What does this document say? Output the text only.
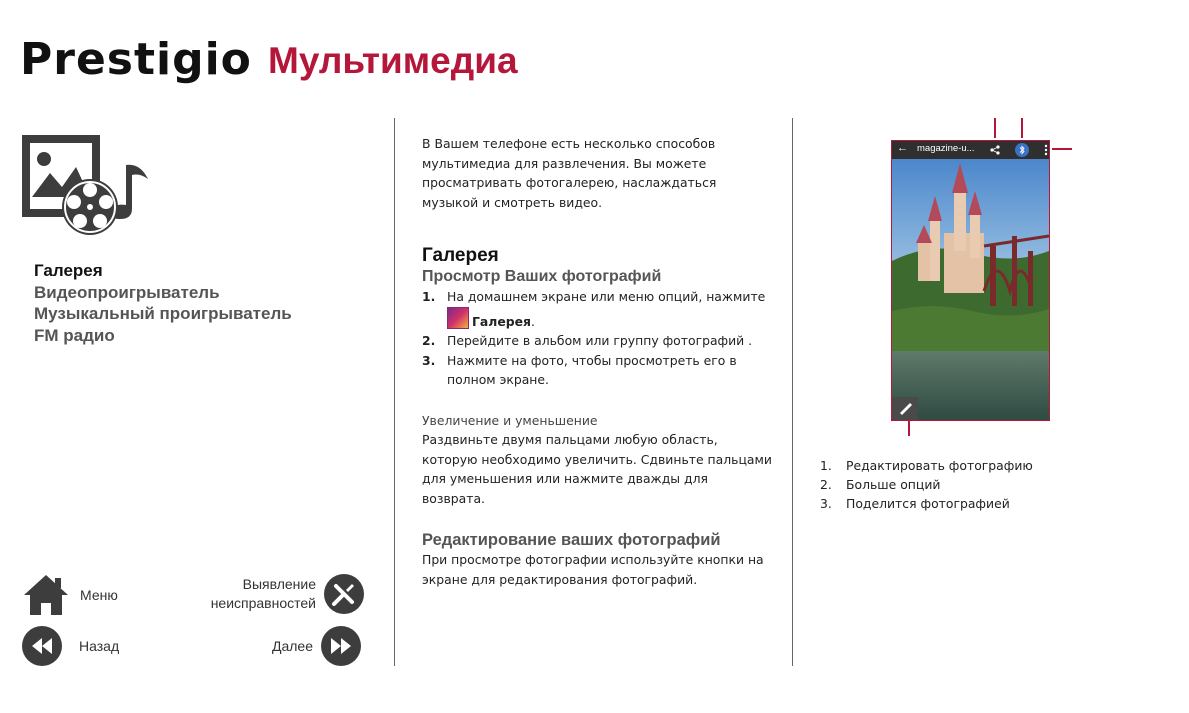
Prestigio Мультимедиа
Галерея
Видеопроигрыватель
Музыкальный проигрыватель
FM радио
Меню
Выявление
неисправностей
Назад	Далее

В Вашем телефоне есть несколько способов мультимедиа для развлечения. Вы можете просматривать фотогалерею, наслаждаться музыкой и смотреть видео.

Галерея
Просмотр Ваших фотографий
1. На домашнем экране или меню опций, нажмите
Галерея.
2. Перейдите в альбом или группу фотографий .
3. Нажмите на фото, чтобы просмотреть его в полном экране.
Увеличение и уменьшение

Раздвиньте двумя пальцами любую область, которую необходимо увеличить. Сдвиньте пальцами для уменьшения или нажмите дважды для возврата.

Редактирование ваших фотографий

При просмотре фотографии используйте кнопки на экране для редактирования фотографий.

← magazine-u...
1. Редактировать фотографию
2. Больше опций
3. Поделится фотографией
